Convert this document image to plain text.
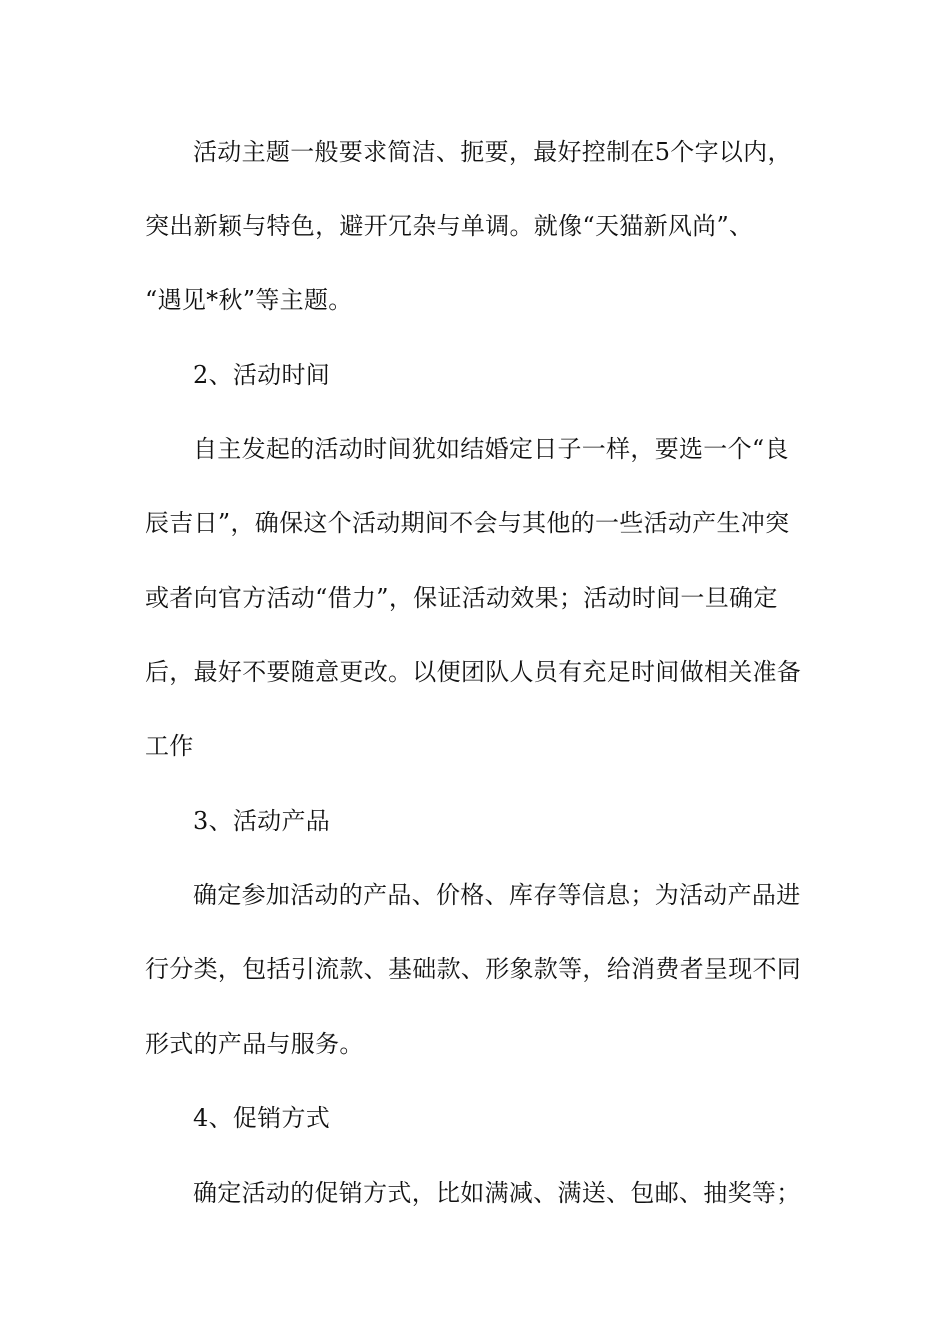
活动主题一般要求简洁、扼要，最好控制在5个字以内，

突出新颖与特色，避开冗杂与单调。就像“天猫新风尚”、

“遇见*秋”等主题。

2、活动时间

自主发起的活动时间犹如结婚定日子一样，要选一个“良

辰吉日”，确保这个活动期间不会与其他的一些活动产生冲突

或者向官方活动“借力”，保证活动效果；活动时间一旦确定

后，最好不要随意更改。以便团队人员有充足时间做相关准备

工作

3、活动产品

确定参加活动的产品、价格、库存等信息；为活动产品进

行分类，包括引流款、基础款、形象款等，给消费者呈现不同

形式的产品与服务。

4、促销方式

确定活动的促销方式，比如满减、满送、包邮、抽奖等；
